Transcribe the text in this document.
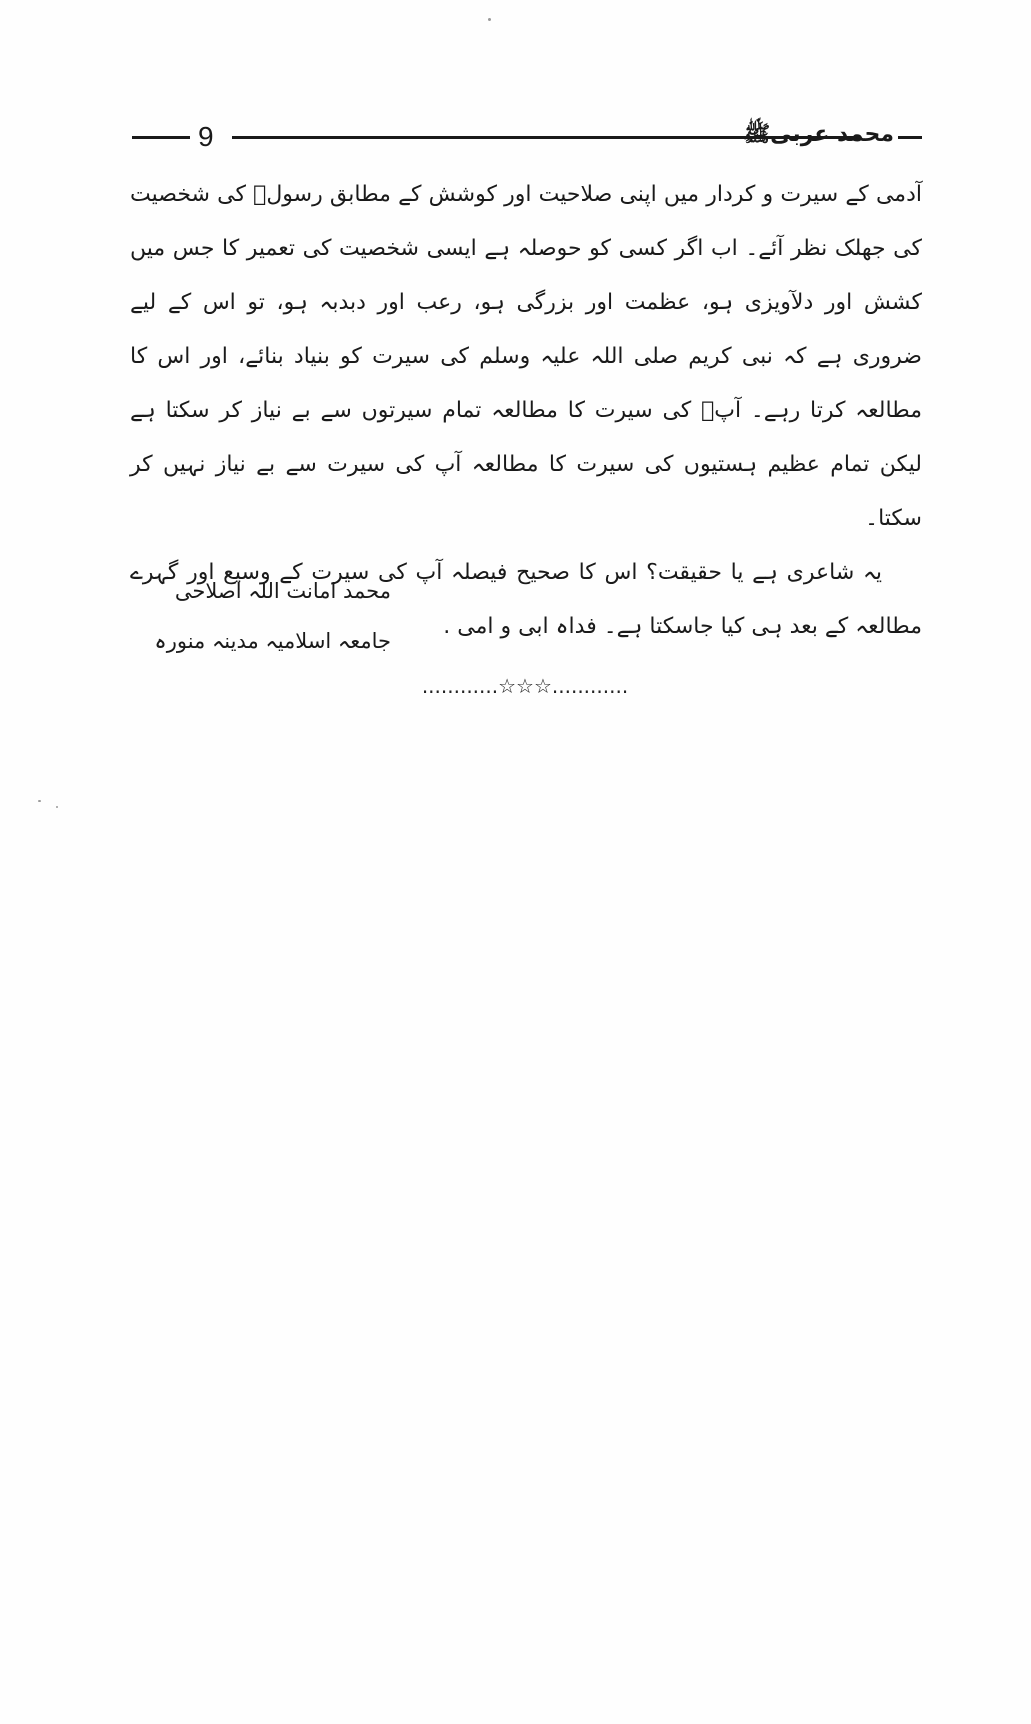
9	محمد عربیﷺ

آدمی کے سیرت و کردار میں اپنی صلاحیت اور کوشش کے مطابق رسولؐ کی شخصیت کی جھلک نظر آئے۔ اب اگر کسی کو حوصلہ ہے ایسی شخصیت کی تعمیر کا جس میں کشش اور دلآویزی ہو، عظمت اور بزرگی ہو، رعب اور دبدبہ ہو، تو اس کے لیے ضروری ہے کہ نبی کریم صلی اللہ علیہ وسلم کی سیرت کو بنیاد بنائے، اور اس کا مطالعہ کرتا رہے۔ آپؐ کی سیرت کا مطالعہ تمام سیرتوں سے بے نیاز کر سکتا ہے لیکن تمام عظیم ہستیوں کی سیرت کا مطالعہ آپ کی سیرت سے بے نیاز نہیں کر سکتا۔

یہ شاعری ہے یا حقیقت؟ اس کا صحیح فیصلہ آپ کی سیرت کے وسیع اور گہرے مطالعہ کے بعد ہی کیا جاسکتا ہے۔ فداہ ابی و امی .

محمد امانت اللہ اصلاحی
جامعہ اسلامیہ مدینہ منورہ
............☆☆☆............
